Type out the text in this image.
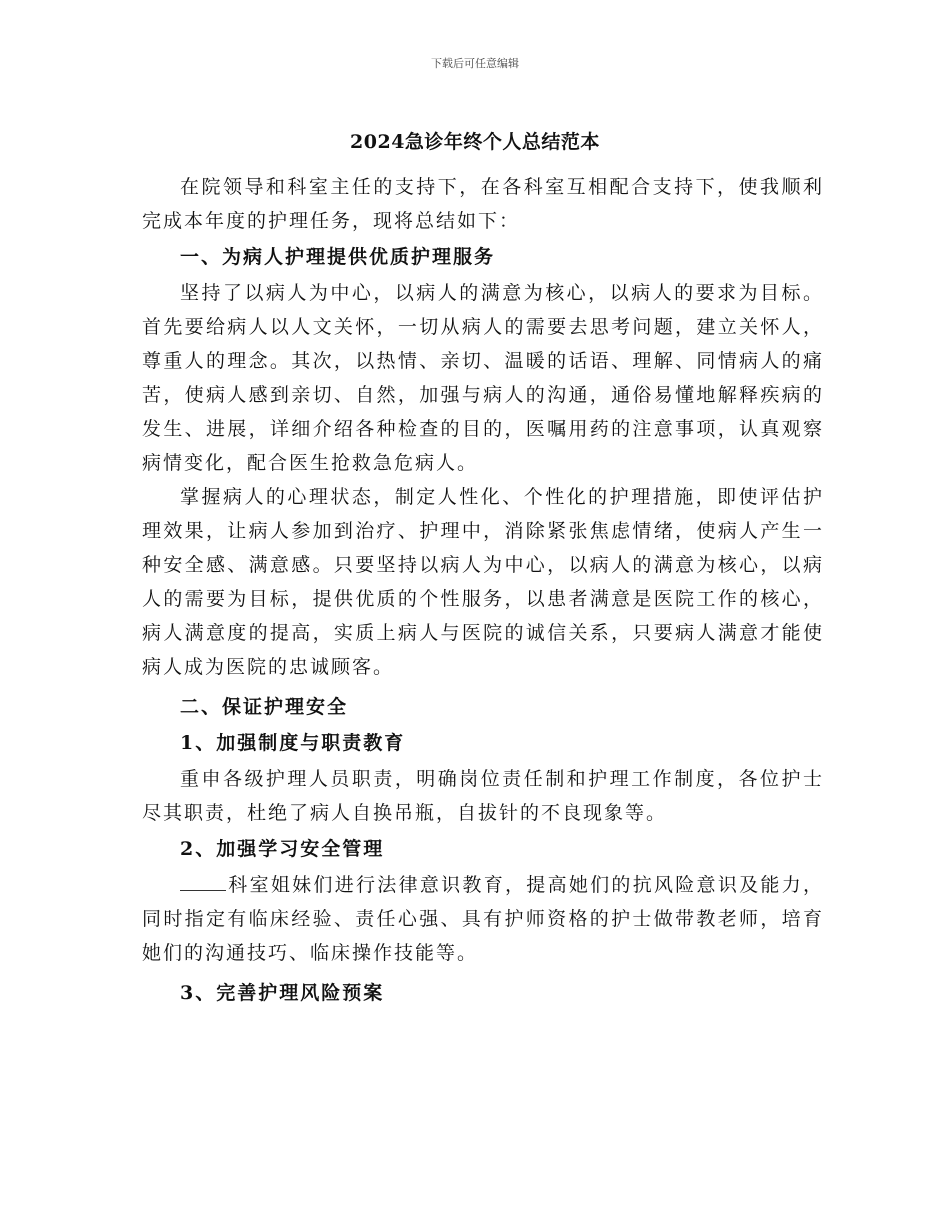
下载后可任意编辑
2024急诊年终个人总结范本

在院领导和科室主任的支持下，在各科室互相配合支持下，使我顺利完成本年度的护理任务，现将总结如下：

一、为病人护理提供优质护理服务

坚持了以病人为中心，以病人的满意为核心，以病人的要求为目标。首先要给病人以人文关怀，一切从病人的需要去思考问题，建立关怀人，尊重人的理念。其次，以热情、亲切、温暖的话语、理解、同情病人的痛苦，使病人感到亲切、自然，加强与病人的沟通，通俗易懂地解释疾病的发生、进展，详细介绍各种检查的目的，医嘱用药的注意事项，认真观察病情变化，配合医生抢救急危病人。

掌握病人的心理状态，制定人性化、个性化的护理措施，即使评估护理效果，让病人参加到治疗、护理中，消除紧张焦虑情绪，使病人产生一种安全感、满意感。只要坚持以病人为中心，以病人的满意为核心，以病人的需要为目标，提供优质的个性服务，以患者满意是医院工作的核心，病人满意度的提高，实质上病人与医院的诚信关系，只要病人满意才能使病人成为医院的忠诚顾客。

二、保证护理安全
1、加强制度与职责教育

重申各级护理人员职责，明确岗位责任制和护理工作制度，各位护士尽其职责，杜绝了病人自换吊瓶，自拔针的不良现象等。

2、加强学习安全管理

科室姐妹们进行法律意识教育，提高她们的抗风险意识及能力，同时指定有临床经验、责任心强、具有护师资格的护士做带教老师，培育她们的沟通技巧、临床操作技能等。

3、完善护理风险预案
